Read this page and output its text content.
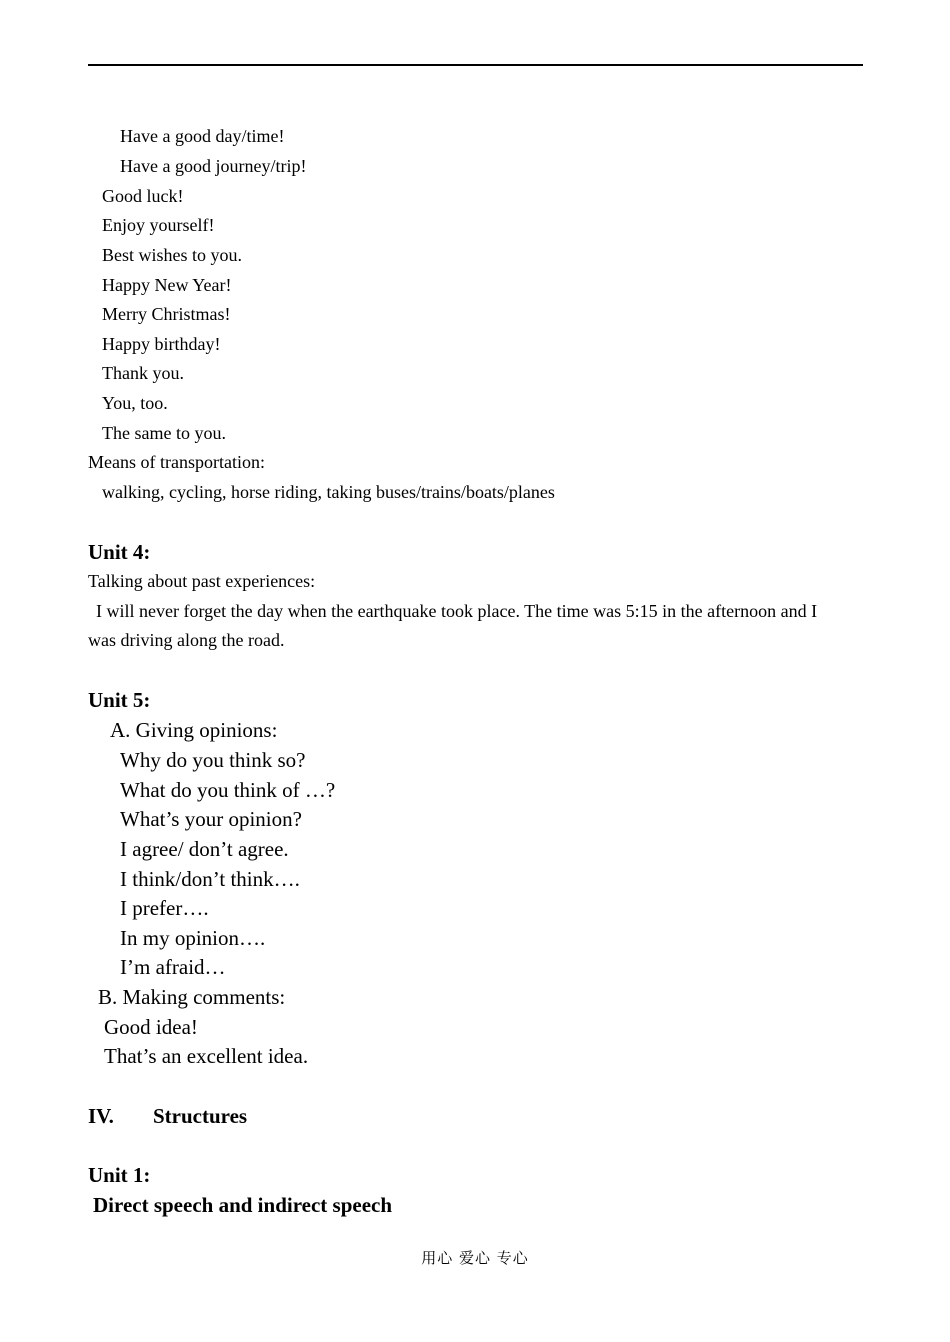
Have a good day/time!
Have a good journey/trip!
Good luck!
Enjoy yourself!
Best wishes to you.
Happy New Year!
Merry Christmas!
Happy birthday!
Thank you.
You, too.
The same to you.
Means of transportation:
walking, cycling, horse riding, taking buses/trains/boats/planes
Unit 4:
Talking about past experiences:
I will never forget the day when the earthquake took place. The time was 5:15 in the afternoon and I
was driving along the road.
Unit 5:
A. Giving opinions:
Why do you think so?
What do you think of …?
What’s your opinion?
I agree/ don’t agree.
I think/don’t think….
I prefer….
In my opinion….
I’m afraid…
B. Making comments:
Good idea!
That’s an excellent idea.
IV. Structures
Unit 1:
Direct speech and indirect speech
用心 爱心 专心
